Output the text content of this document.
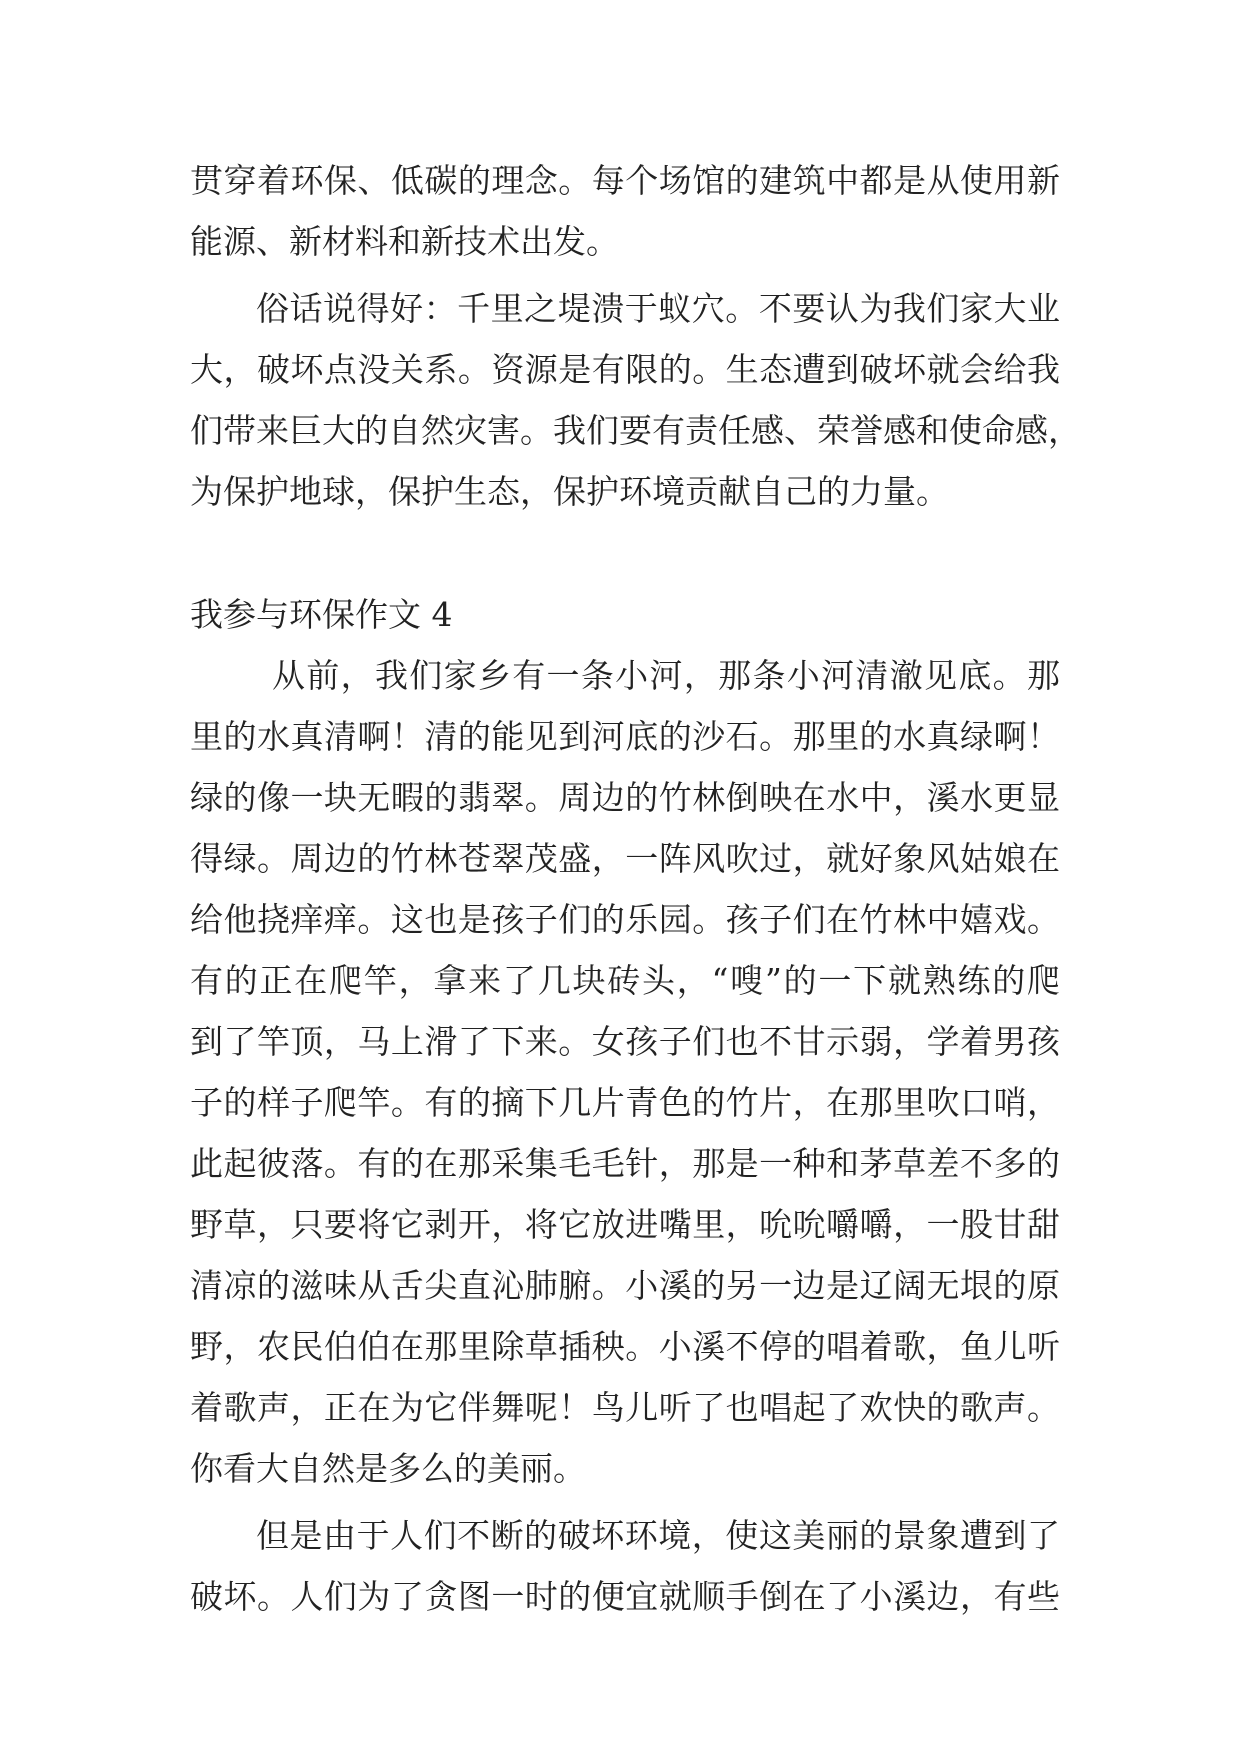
贯穿着环保、低碳的理念。每个场馆的建筑中都是从使用新
能源、新材料和新技术出发。
俗话说得好：千里之堤溃于蚁穴。不要认为我们家大业
大，破坏点没关系。资源是有限的。生态遭到破坏就会给我
们带来巨大的自然灾害。我们要有责任感、荣誉感和使命感，
为保护地球，保护生态，保护环境贡献自己的力量。
我参与环保作文 4
从前，我们家乡有一条小河，那条小河清澈见底。那
里的水真清啊！清的能见到河底的沙石。那里的水真绿啊！
绿的像一块无暇的翡翠。周边的竹林倒映在水中，溪水更显
得绿。周边的竹林苍翠茂盛，一阵风吹过，就好象风姑娘在
给他挠痒痒。这也是孩子们的乐园。孩子们在竹林中嬉戏。
有的正在爬竿，拿来了几块砖头，“嗖”的一下就熟练的爬
到了竿顶，马上滑了下来。女孩子们也不甘示弱，学着男孩
子的样子爬竿。有的摘下几片青色的竹片，在那里吹口哨，
此起彼落。有的在那采集毛毛针，那是一种和茅草差不多的
野草，只要将它剥开，将它放进嘴里，吮吮嚼嚼，一股甘甜
清凉的滋味从舌尖直沁肺腑。小溪的另一边是辽阔无垠的原
野，农民伯伯在那里除草插秧。小溪不停的唱着歌，鱼儿听
着歌声，正在为它伴舞呢！鸟儿听了也唱起了欢快的歌声。
你看大自然是多么的美丽。
但是由于人们不断的破坏环境，使这美丽的景象遭到了
破坏。人们为了贪图一时的便宜就顺手倒在了小溪边，有些
